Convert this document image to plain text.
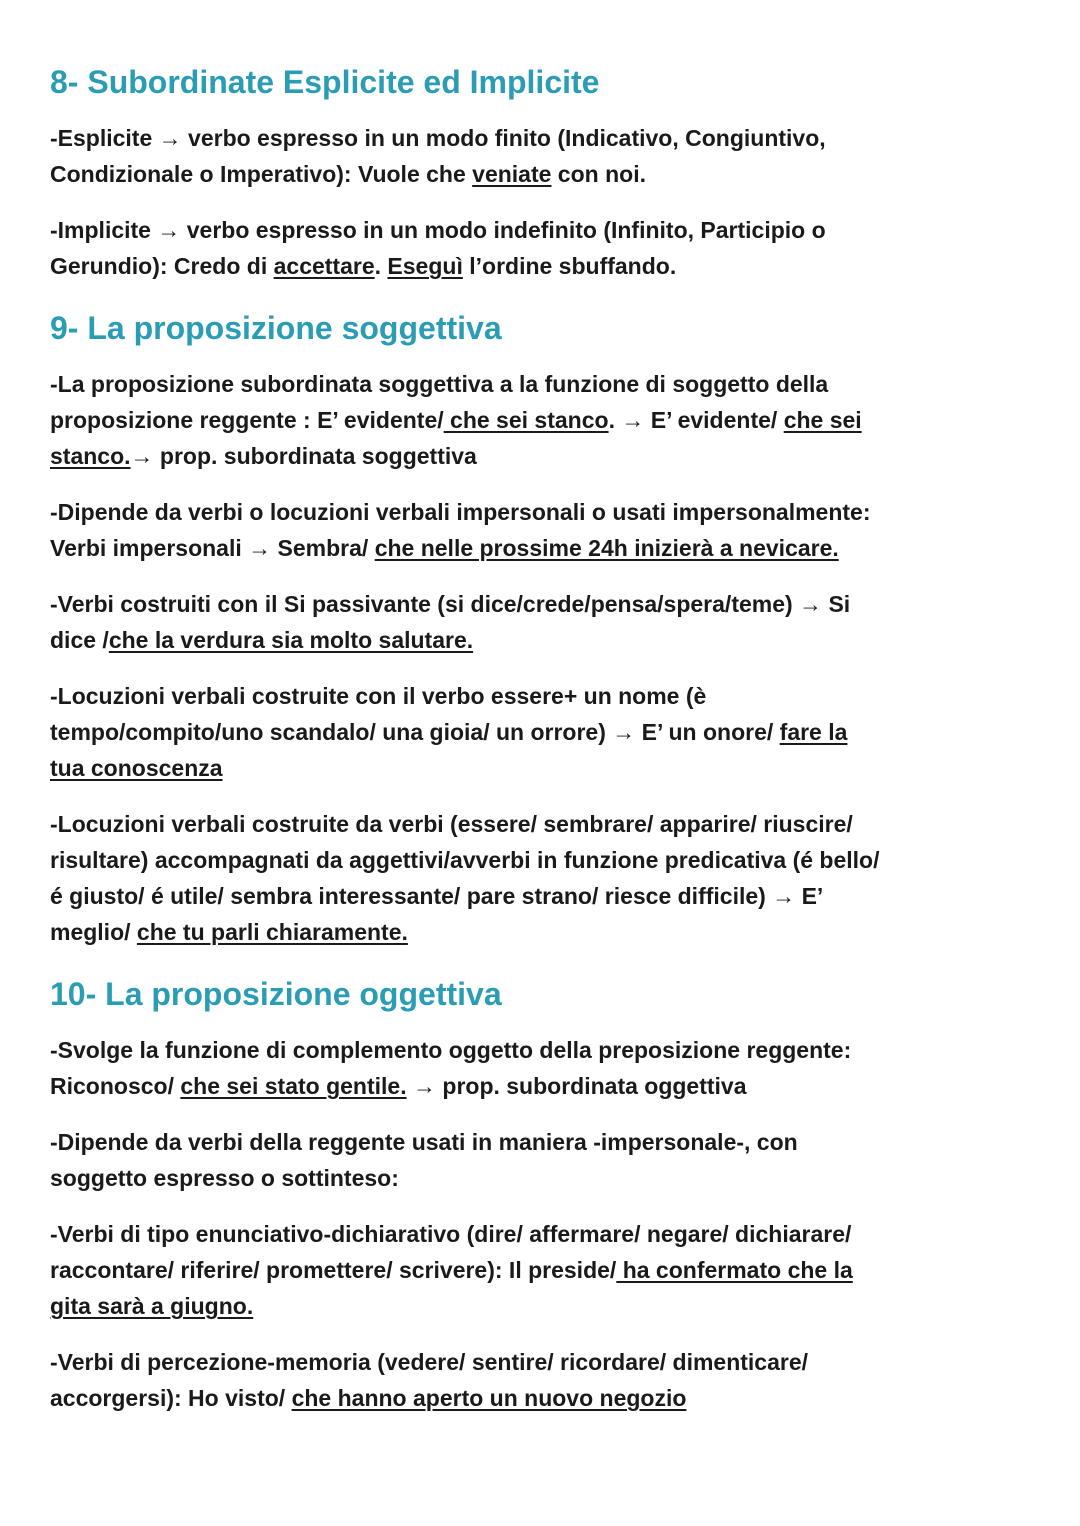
8- Subordinate Esplicite ed Implicite
-Esplicite → verbo espresso in un modo finito (Indicativo, Congiuntivo,
Condizionale o Imperativo): Vuole che veniate con noi.
-Implicite → verbo espresso in un modo indefinito (Infinito, Participio o
Gerundio): Credo di accettare. Eseguì l’ordine sbuffando.
9- La proposizione soggettiva
-La proposizione subordinata soggettiva a la funzione di soggetto della
proposizione reggente : E’ evidente/ che sei stanco. → E’ evidente/ che sei
stanco.→ prop. subordinata soggettiva
-Dipende da verbi o locuzioni verbali impersonali o usati impersonalmente:
Verbi impersonali → Sembra/ che nelle prossime 24h inizierà a nevicare.
-Verbi costruiti con il Si passivante (si dice/crede/pensa/spera/teme) → Si
dice /che la verdura sia molto salutare.
-Locuzioni verbali costruite con il verbo essere+ un nome (è
tempo/compito/uno scandalo/ una gioia/ un orrore) → E’ un onore/ fare la
tua conoscenza
-Locuzioni verbali costruite da verbi (essere/ sembrare/ apparire/ riuscire/
risultare) accompagnati da aggettivi/avverbi in funzione predicativa (é bello/
é giusto/ é utile/ sembra interessante/ pare strano/ riesce difficile) → E’
meglio/ che tu parli chiaramente.
10- La proposizione oggettiva
-Svolge la funzione di complemento oggetto della preposizione reggente:
Riconosco/ che sei stato gentile. → prop. subordinata oggettiva
-Dipende da verbi della reggente usati in maniera -impersonale-, con
soggetto espresso o sottinteso:
-Verbi di tipo enunciativo-dichiarativo (dire/ affermare/ negare/ dichiarare/
raccontare/ riferire/ promettere/ scrivere): Il preside/ ha confermato che la
gita sarà a giugno.
-Verbi di percezione-memoria (vedere/ sentire/ ricordare/ dimenticare/
accorgersi): Ho visto/ che hanno aperto un nuovo negozio
